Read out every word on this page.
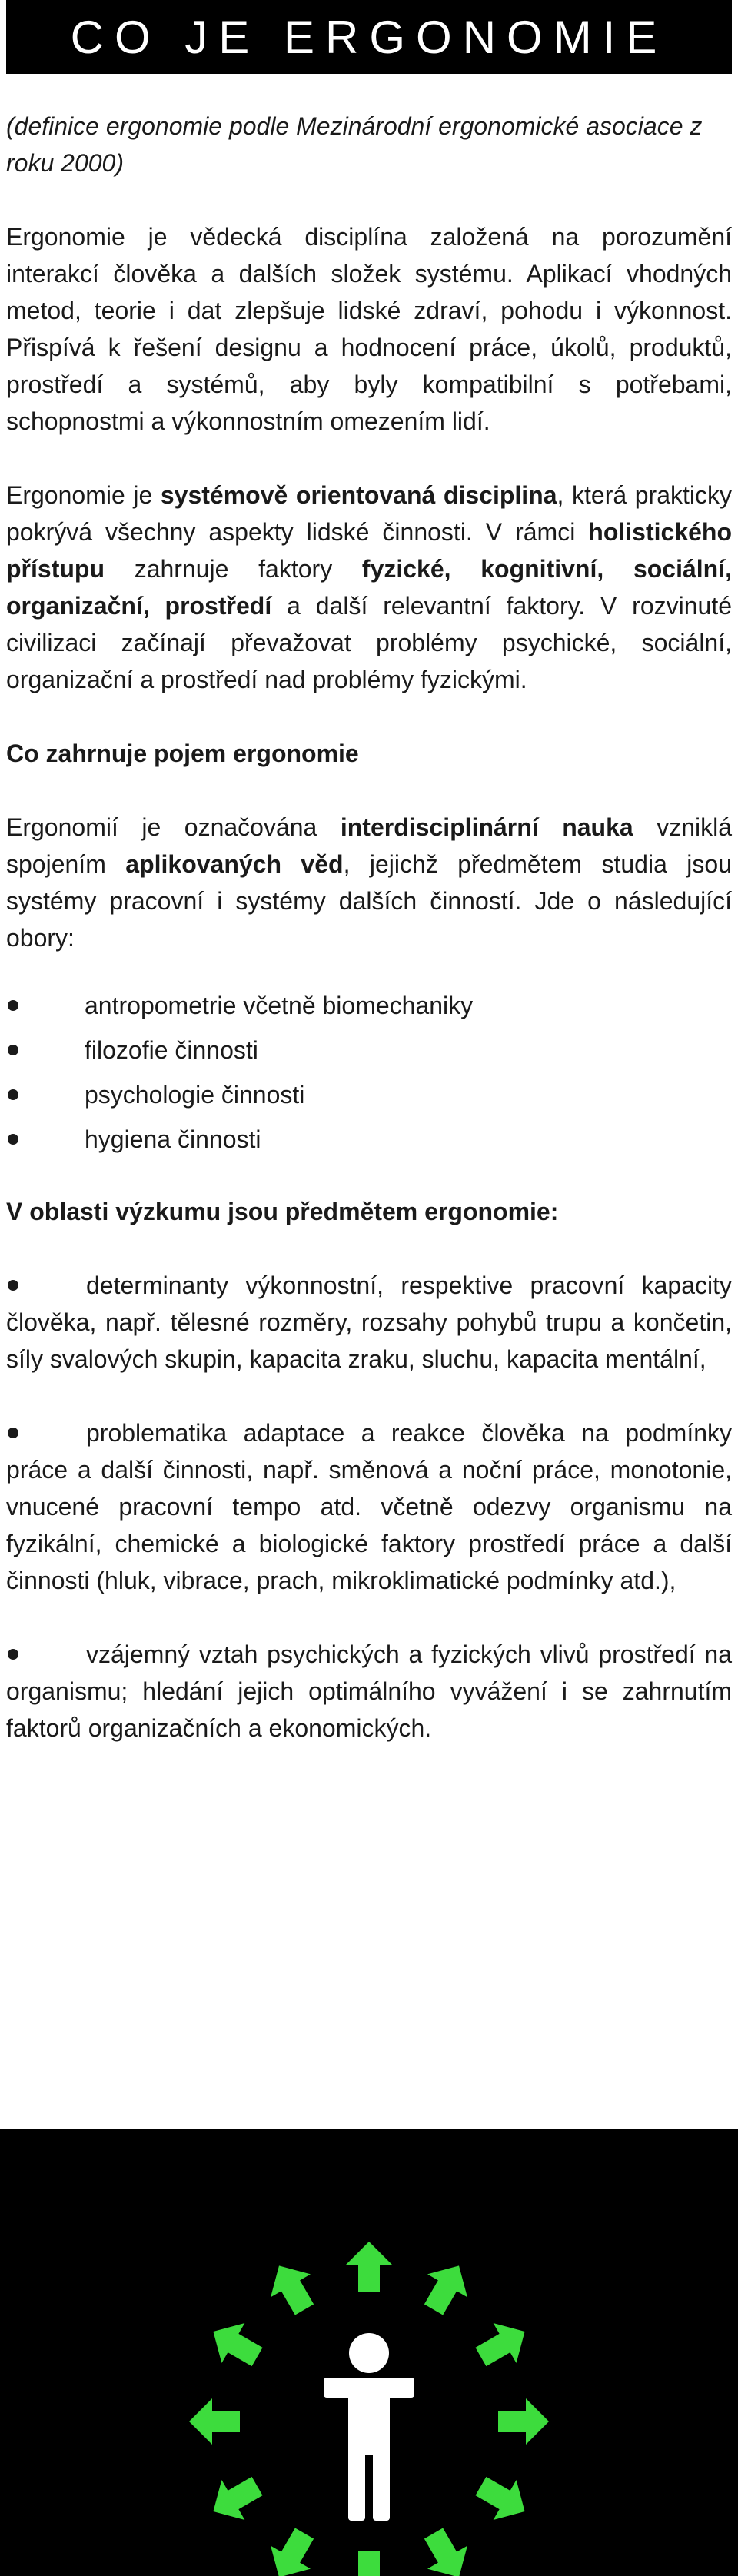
CO JE ERGONOMIE

(definice ergonomie podle Mezinárodní ergonomické asociace z roku 2000)

Ergonomie je vědecká disciplína založená na porozumění interakcí člověka a dalších složek systému. Aplikací vhodných metod, teorie i dat zlepšuje lidské zdraví, pohodu i výkonnost. Přispívá k řešení designu a hodnocení práce, úkolů, produktů, prostředí a systémů, aby byly kompatibilní s potřebami, schopnostmi a výkonnostním omezením lidí.

Ergonomie je systémově orientovaná disciplina, která prakticky pokrývá všechny aspekty lidské činnosti. V rámci holistického přístupu zahrnuje faktory fyzické, kognitivní, sociální, organizační, prostředí a další relevantní faktory. V rozvinuté civilizaci začínají převažovat problémy psychické, sociální, organizační a prostředí nad problémy fyzickými.

Co zahrnuje pojem ergonomie

Ergonomií je označována interdisciplinární nauka vzniklá spojením aplikovaných věd, jejichž předmětem studia jsou systémy pracovní i systémy dalších činností. Jde o následující obory:

antropometrie včetně biomechaniky
filozofie činnosti
psychologie činnosti
hygiena činnosti

V oblasti výzkumu jsou předmětem ergonomie:

determinanty výkonnostní, respektive pracovní kapacity člověka, např. tělesné rozměry, rozsahy pohybů trupu a končetin, síly svalových skupin, kapacita zraku, sluchu, kapacita mentální,

problematika adaptace a reakce člověka na podmínky práce a další činnosti, např. směnová a noční práce, monotonie, vnucené pracovní tempo atd. včetně odezvy organismu na fyzikální, chemické a biologické faktory prostředí práce a další činnosti (hluk, vibrace, prach, mikroklimatické podmínky atd.),

vzájemný vztah psychických a fyzických vlivů prostředí na organismu; hledání jejich optimálního vyvážení i se zahrnutím faktorů organizačních a ekonomických.
